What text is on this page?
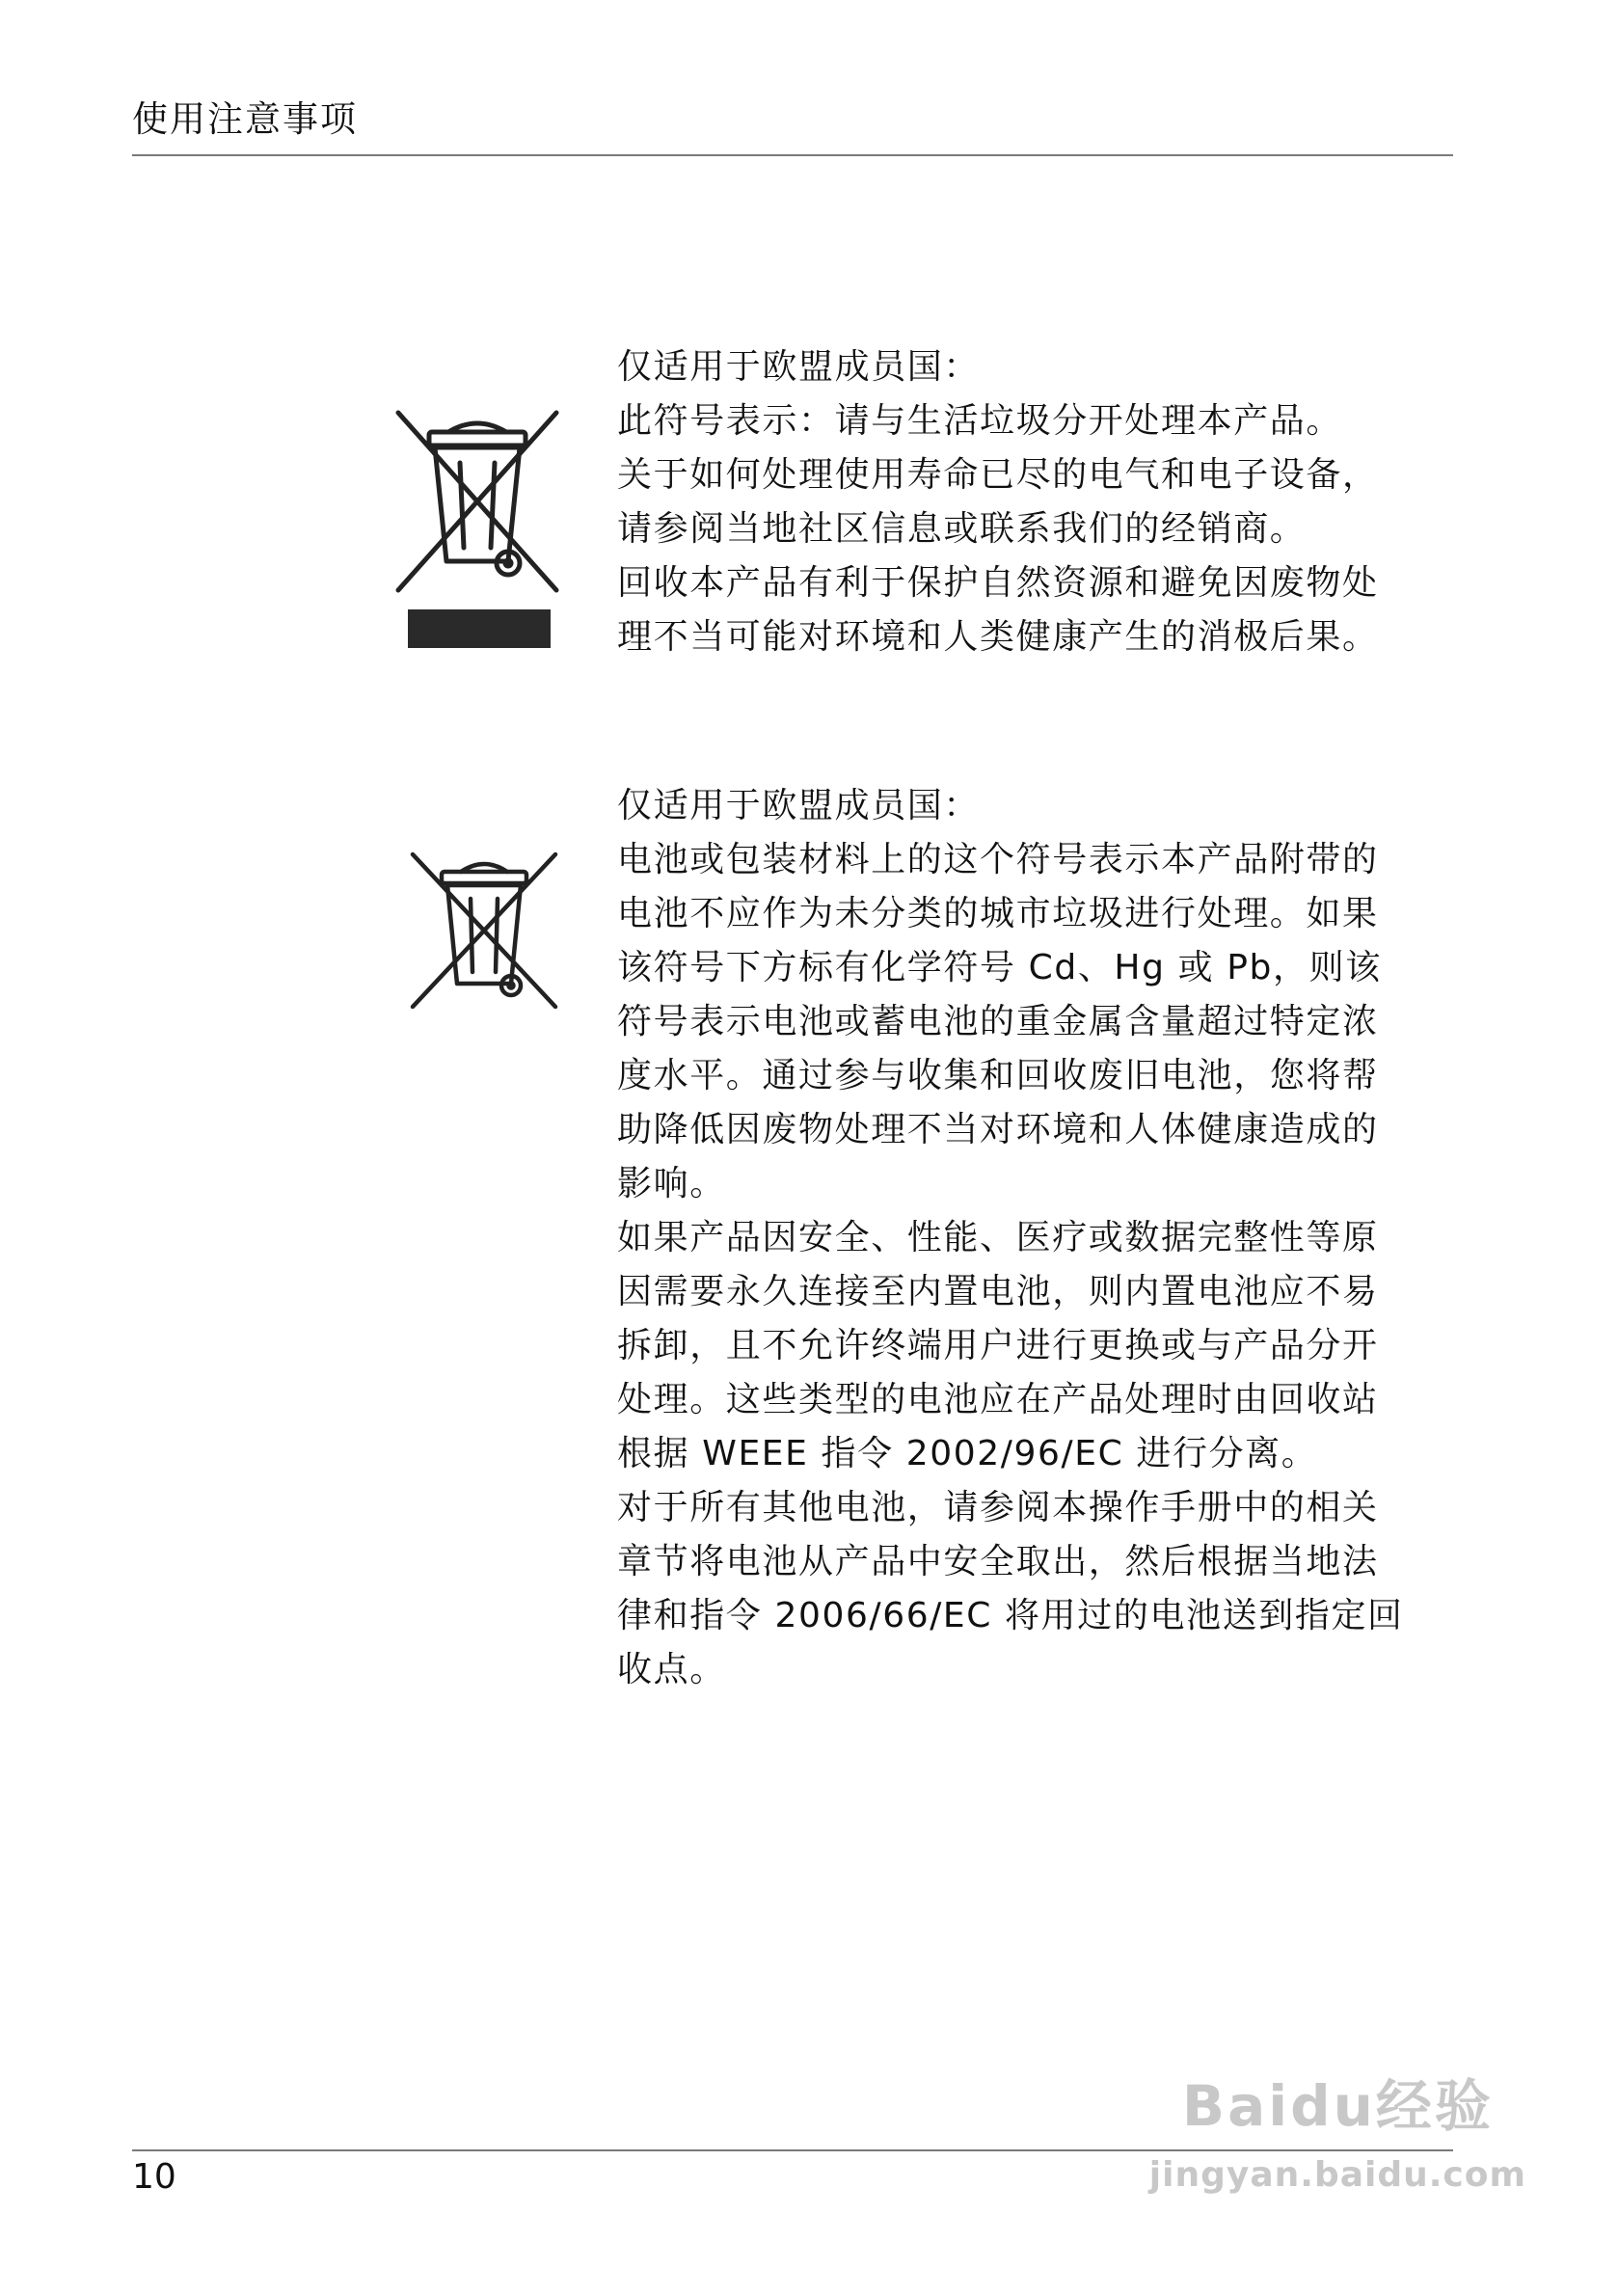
使用注意事项

仅适用于欧盟成员国：

此符号表示：请与生活垃圾分开处理本产品。

关于如何处理使用寿命已尽的电气和电子设备，

请参阅当地社区信息或联系我们的经销商。

回收本产品有利于保护自然资源和避免因废物处

理不当可能对环境和人类健康产生的消极后果。

仅适用于欧盟成员国：

电池或包装材料上的这个符号表示本产品附带的

电池不应作为未分类的城市垃圾进行处理。如果

该符号下方标有化学符号 Cd、Hg 或 Pb，则该

符号表示电池或蓄电池的重金属含量超过特定浓

度水平。通过参与收集和回收废旧电池，您将帮

助降低因废物处理不当对环境和人体健康造成的

影响。

如果产品因安全、性能、医疗或数据完整性等原

因需要永久连接至内置电池，则内置电池应不易

拆卸，且不允许终端用户进行更换或与产品分开

处理。这些类型的电池应在产品处理时由回收站

根据 WEEE 指令 2002/96/EC 进行分离。

对于所有其他电池，请参阅本操作手册中的相关

章节将电池从产品中安全取出，然后根据当地法

律和指令 2006/66/EC 将用过的电池送到指定回

收点。

10
Baidu经验
jingyan.baidu.com
